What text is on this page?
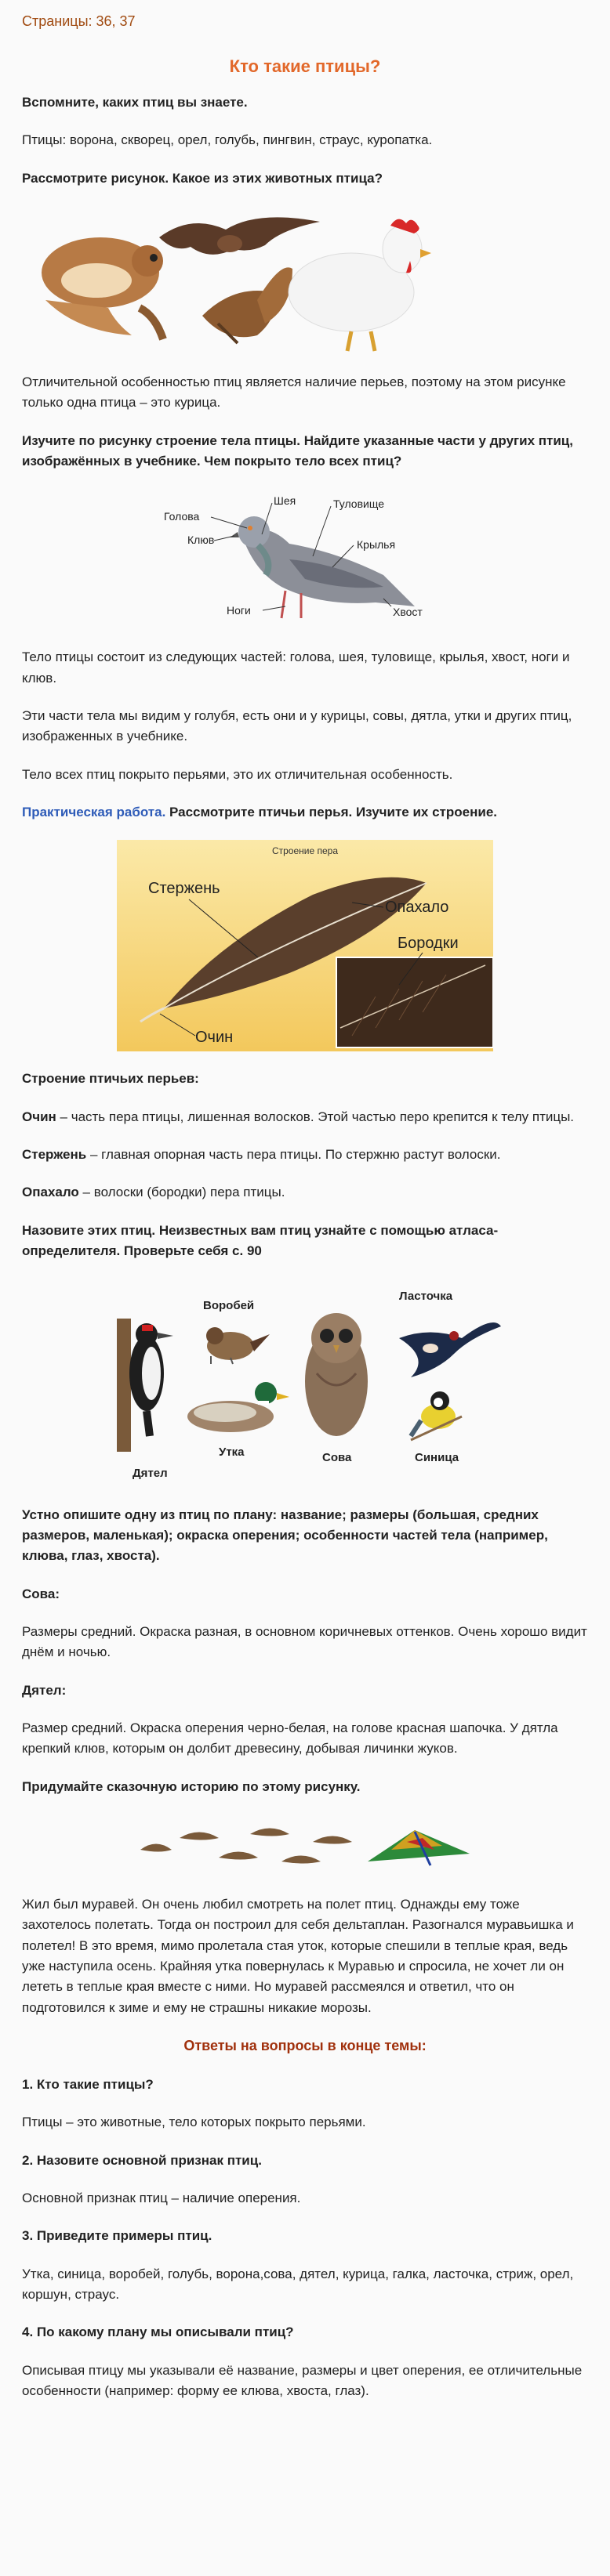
Страницы: 36, 37
Кто такие птицы?
Вспомните, каких птиц вы знаете.
Птицы: ворона, скворец, орел, голубь, пингвин, страус, куропатка.
Рассмотрите рисунок. Какое из этих животных птица?
Отличительной особенностью птиц является наличие перьев, поэтому на этом рисунке только одна птица – это курица.
Изучите по рисунку строение тела птицы. Найдите указанные части у других птиц, изображённых в учебнике. Чем покрыто тело всех птиц?
Голова
Шея	Туловище
Клюв	Крылья
Ноги	Хвост
Тело птицы состоит из следующих частей: голова, шея, туловище, крылья, хвост, ноги и клюв.
Эти части тела мы видим у голубя, есть они и у курицы, совы, дятла, утки и других птиц, изображенных в учебнике.
Тело всех птиц покрыто перьями, это их отличительная особенность.
Практическая работа. Рассмотрите птичьи перья. Изучите их строение.
Строение пера
Стержень
Опахало
Бородки
Очин
Строение птичьих перьев:
Очин – часть пера птицы, лишенная волосков. Этой частью перо крепится к телу птицы.
Стержень – главная опорная часть пера птицы. По стержню растут волоски.
Опахало – волоски (бородки) пера птицы.
Назовите этих птиц. Неизвестных вам птиц узнайте с помощью атласа-определителя. Проверьте себя с. 90
Дятел
Воробей
Утка	Сова
Ласточка
Синица
Устно опишите одну из птиц по плану: название; размеры (большая, средних размеров, маленькая); окраска оперения; особенности частей тела (например, клюва, глаз, хвоста).
Сова:
Размеры средний. Окраска разная, в основном коричневых оттенков. Очень хорошо видит днём и ночью.
Дятел:
Размер средний. Окраска оперения черно-белая, на голове красная шапочка. У дятла крепкий клюв, которым он долбит древесину, добывая личинки жуков.
Придумайте сказочную историю по этому рисунку.
Жил был муравей. Он очень любил смотреть на полет птиц. Однажды ему тоже захотелось полетать. Тогда он построил для себя дельтаплан. Разогнался муравьишка и полетел! В это время, мимо пролетала стая уток, которые спешили в теплые края, ведь уже наступила осень. Крайняя утка повернулась к Муравью и спросила, не хочет ли он лететь в теплые края вместе с ними. Но муравей рассмеялся и ответил, что он подготовился к зиме и ему не страшны никакие морозы.
Ответы на вопросы в конце темы:
1. Кто такие птицы?
Птицы – это животные, тело которых покрыто перьями.
2. Назовите основной признак птиц.
Основной признак птиц – наличие оперения.
3. Приведите примеры птиц.
Утка, синица, воробей, голубь, ворона,сова, дятел, курица, галка, ласточка, стриж, орел, коршун, страус.
4. По какому плану мы описывали птиц?
Описывая птицу мы указывали её название, размеры и цвет оперения, ее отличительные особенности (например: форму ее клюва, хвоста, глаз).
